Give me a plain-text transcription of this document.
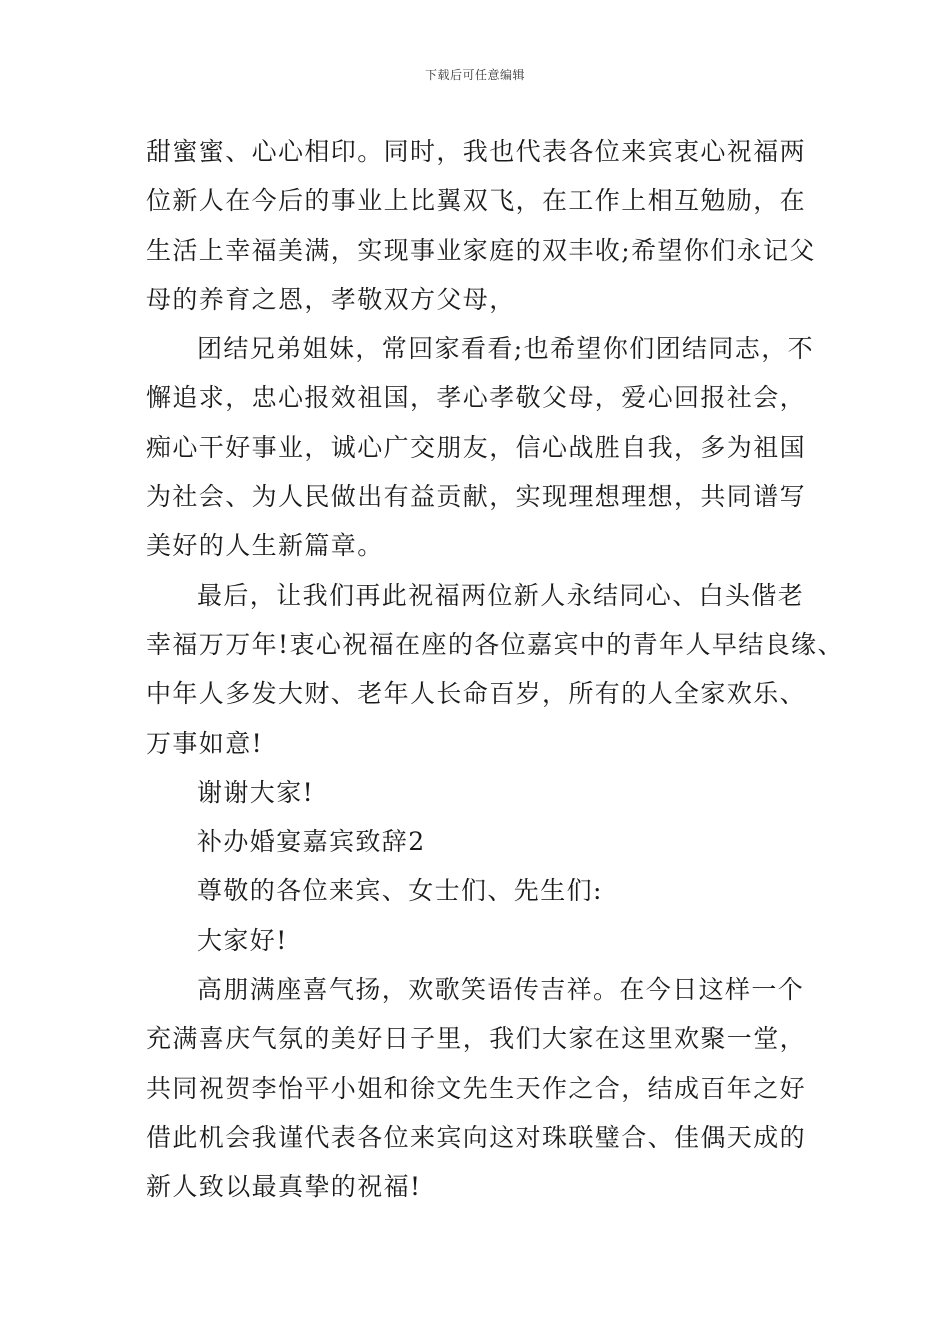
下载后可任意编辑
甜蜜蜜、心心相印。同时，我也代表各位来宾衷心祝福两
位新人在今后的事业上比翼双飞，在工作上相互勉励，在
生活上幸福美满，实现事业家庭的双丰收;希望你们永记父
母的养育之恩，孝敬双方父母，
团结兄弟姐妹，常回家看看;也希望你们团结同志，不
懈追求，忠心报效祖国，孝心孝敬父母，爱心回报社会，
痴心干好事业，诚心广交朋友，信心战胜自我，多为祖国
为社会、为人民做出有益贡献，实现理想理想，共同谱写
美好的人生新篇章。
最后，让我们再此祝福两位新人永结同心、白头偕老
幸福万万年!衷心祝福在座的各位嘉宾中的青年人早结良缘、
中年人多发大财、老年人长命百岁，所有的人全家欢乐、
万事如意!
谢谢大家!
补办婚宴嘉宾致辞2
尊敬的各位来宾、女士们、先生们:
大家好!
高朋满座喜气扬，欢歌笑语传吉祥。在今日这样一个
充满喜庆气氛的美好日子里，我们大家在这里欢聚一堂，
共同祝贺李怡平小姐和徐文先生天作之合，结成百年之好
借此机会我谨代表各位来宾向这对珠联璧合、佳偶天成的
新人致以最真挚的祝福!
